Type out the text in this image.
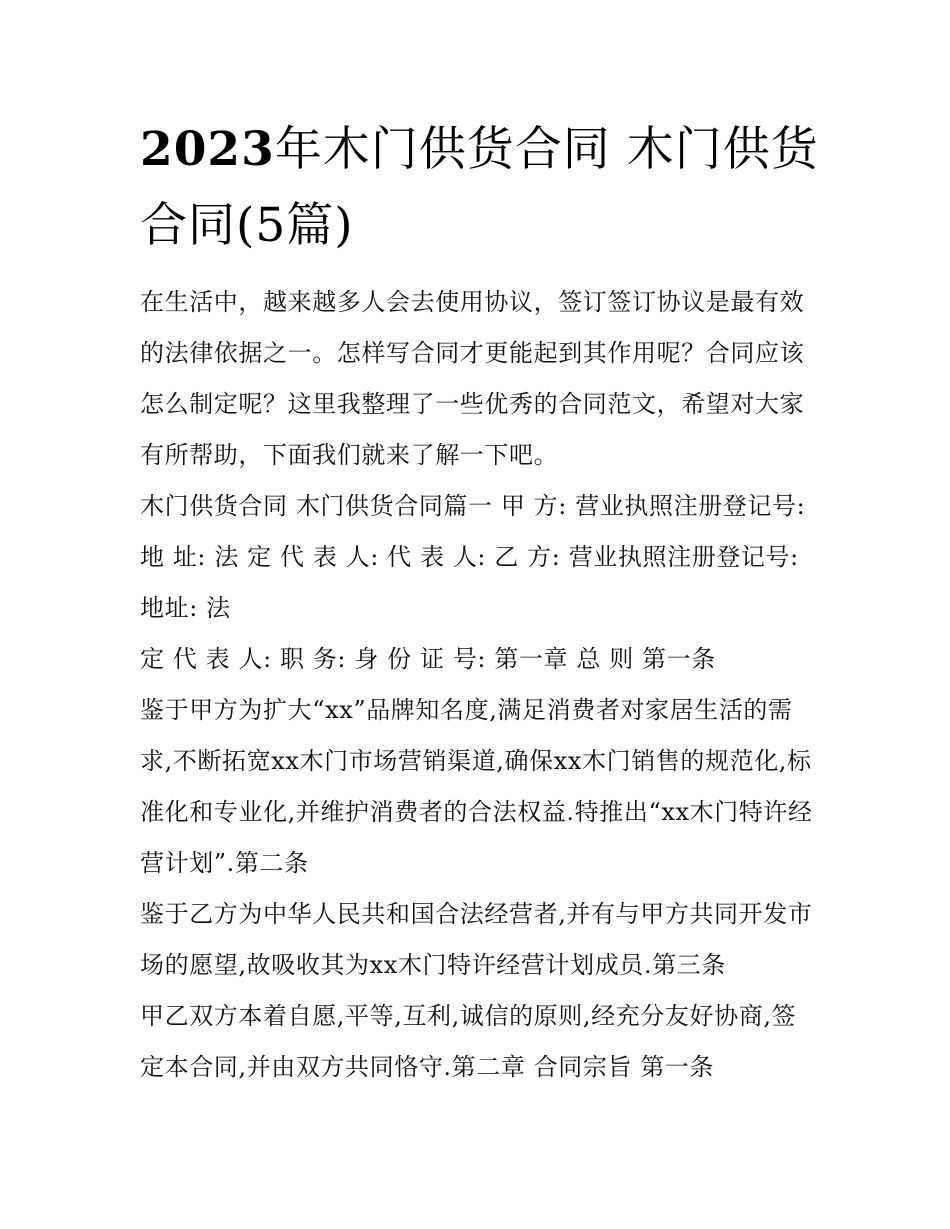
2023年木门供货合同 木门供货合同(5篇)

在生活中，越来越多人会去使用协议，签订签订协议是最有效的法律依据之一。怎样写合同才更能起到其作用呢？合同应该怎么制定呢？这里我整理了一些优秀的合同范文，希望对大家有所帮助，下面我们就来了解一下吧。

木门供货合同 木门供货合同篇一 甲 方: 营业执照注册登记号: 地 址: 法 定 代 表 人: 代 表 人: 乙 方: 营业执照注册登记号: 地址: 法

定 代 表 人: 职 务: 身 份 证 号: 第一章 总 则 第一条

鉴于甲方为扩大“xx”品牌知名度,满足消费者对家居生活的需求,不断拓宽xx木门市场营销渠道,确保xx木门销售的规范化,标准化和专业化,并维护消费者的合法权益.特推出“xx木门特许经营计划”.第二条

鉴于乙方为中华人民共和国合法经营者,并有与甲方共同开发市场的愿望,故吸收其为xx木门特许经营计划成员.第三条

甲乙双方本着自愿,平等,互利,诚信的原则,经充分友好协商,签定本合同,并由双方共同恪守.第二章 合同宗旨 第一条
